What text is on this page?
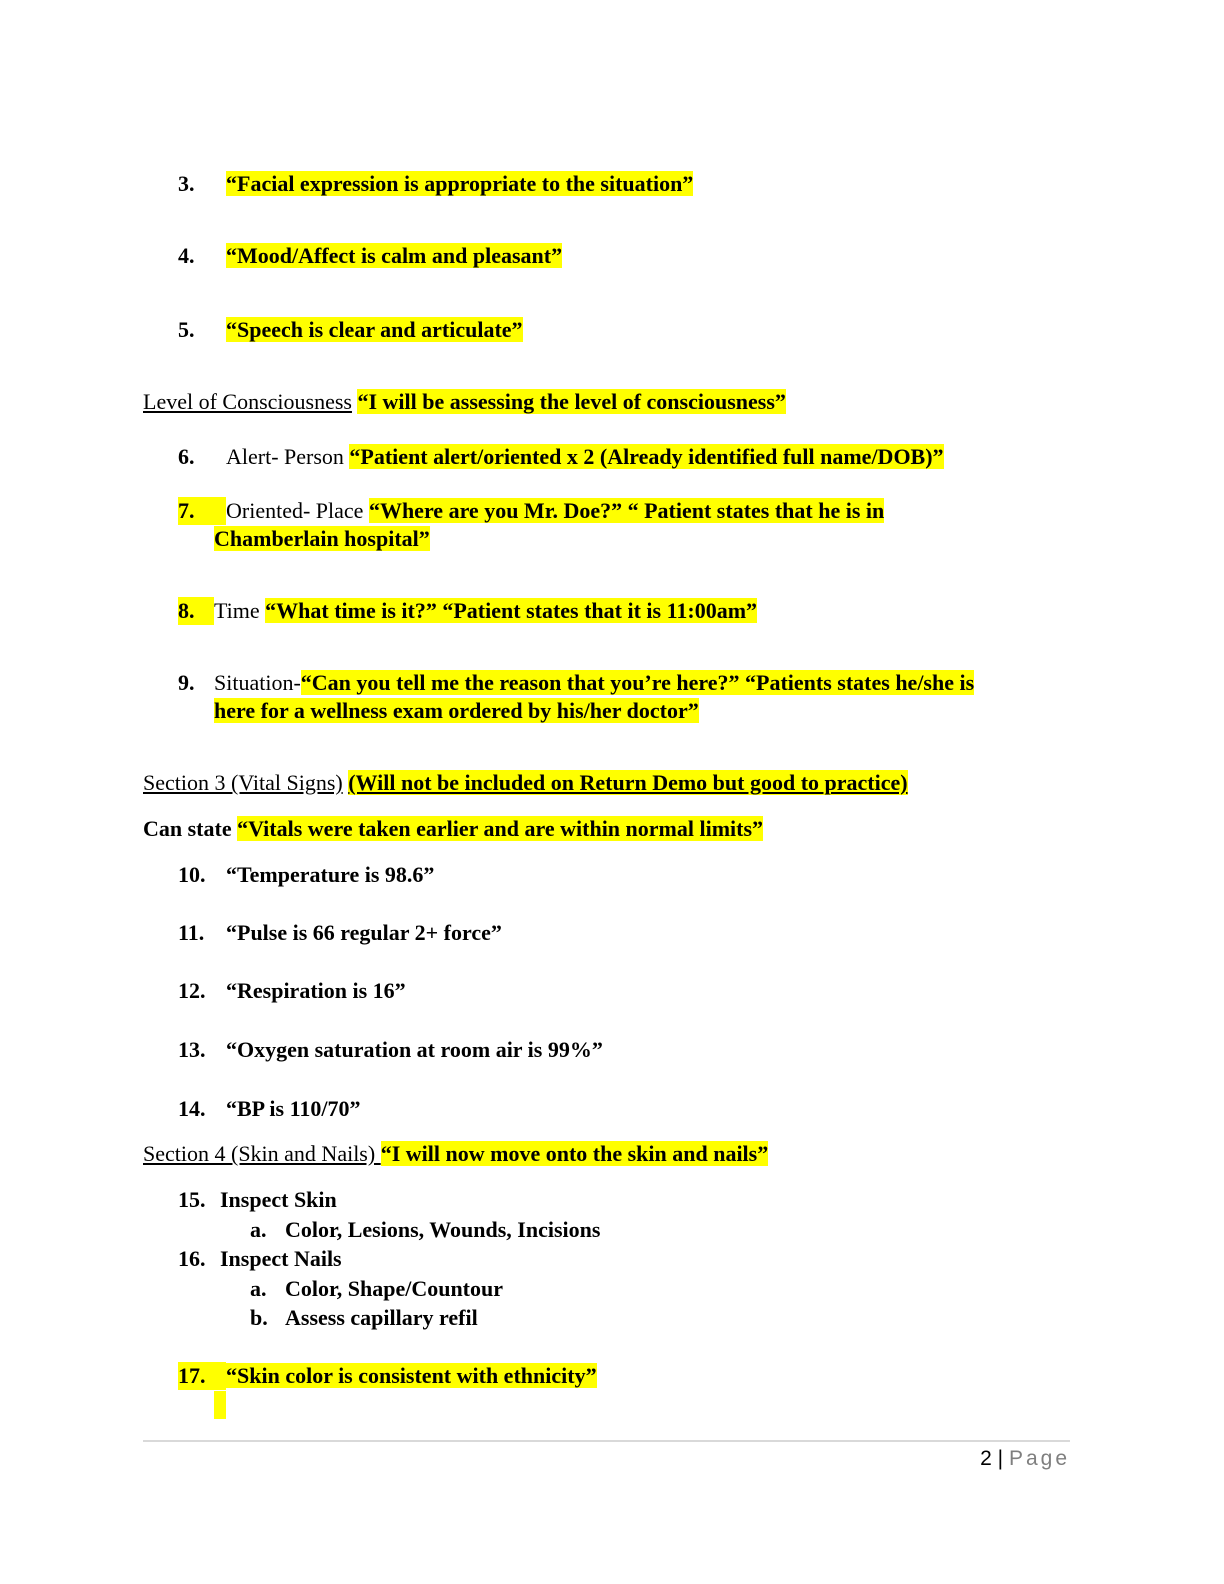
3. “Facial expression is appropriate to the situation”
4. “Mood/Affect is calm and pleasant”
5. “Speech is clear and articulate”
Level of Consciousness “I will be assessing the level of consciousness”
6. Alert- Person “Patient alert/oriented x 2 (Already identified full name/DOB)”
7. Oriented- Place “Where are you Mr. Doe?” “ Patient states that he is in
Chamberlain hospital”
8. Time “What time is it?” “Patient states that it is 11:00am”
9. Situation-“Can you tell me the reason that you’re here?” “Patients states he/she is
here for a wellness exam ordered by his/her doctor”
Section 3 (Vital Signs) (Will not be included on Return Demo but good to practice)
Can state “Vitals were taken earlier and are within normal limits”
10. “Temperature is 98.6”
11. “Pulse is 66 regular 2+ force”
12. “Respiration is 16”
13. “Oxygen saturation at room air is 99%”
14. “BP is 110/70”
Section 4 (Skin and Nails) “I will now move onto the skin and nails”
15. Inspect Skin
a. Color, Lesions, Wounds, Incisions
16. Inspect Nails
a. Color, Shape/Countour
b. Assess capillary refil
17. “Skin color is consistent with ethnicity”
2 | Page
